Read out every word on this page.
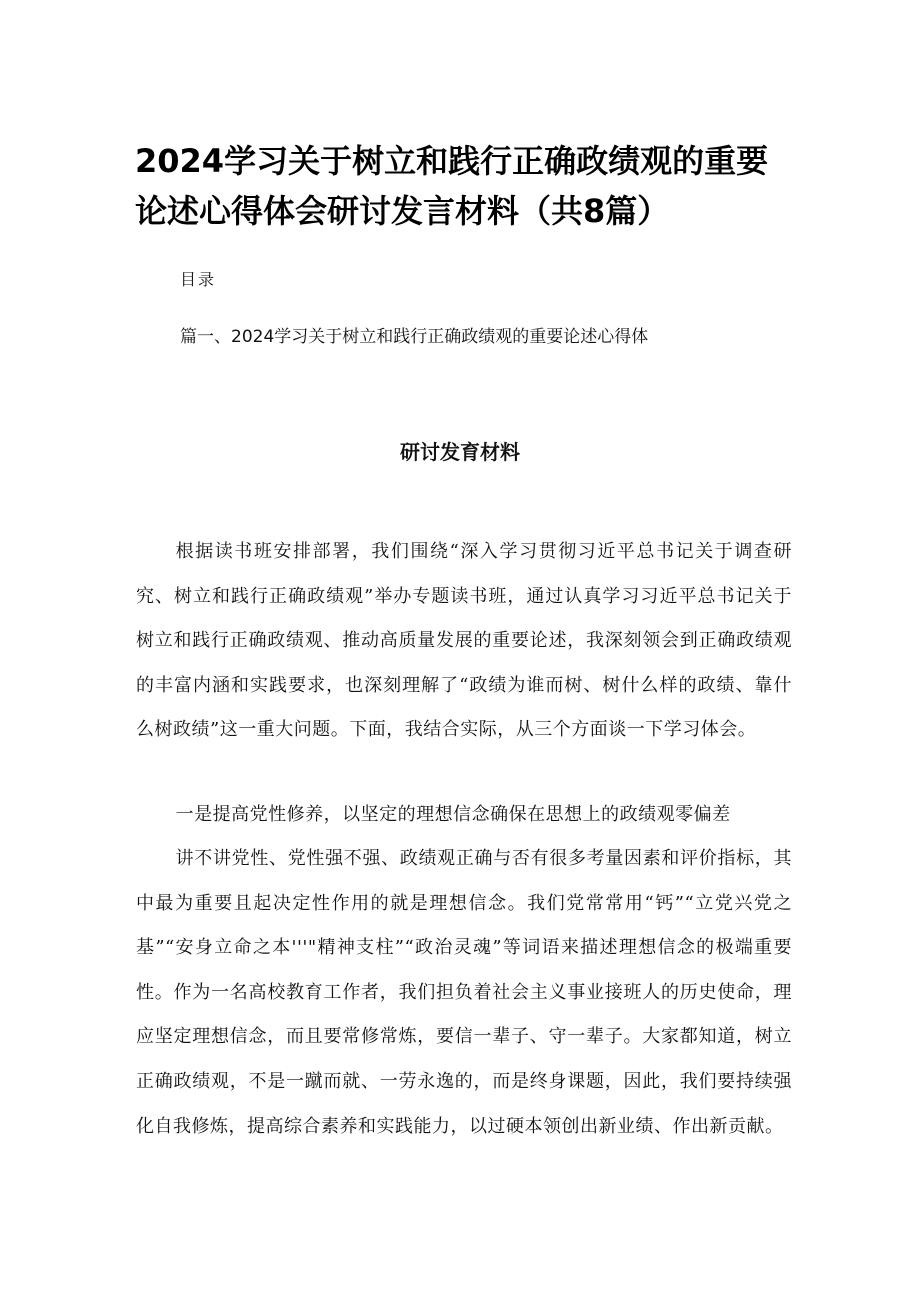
2024学习关于树立和践行正确政绩观的重要论述心得体会研讨发言材料（共8篇）

目录

篇一、2024学习关于树立和践行正确政绩观的重要论述心得体

研讨发育材料

根据读书班安排部署，我们围绕“深入学习贯彻习近平总书记关于调查研究、树立和践行正确政绩观”举办专题读书班，通过认真学习习近平总书记关于树立和践行正确政绩观、推动高质量发展的重要论述，我深刻领会到正确政绩观的丰富内涵和实践要求，也深刻理解了“政绩为谁而树、树什么样的政绩、靠什么树政绩”这一重大问题。下面，我结合实际，从三个方面谈一下学习体会。

一是提高党性修养，以坚定的理想信念确保在思想上的政绩观零偏差

讲不讲党性、党性强不强、政绩观正确与否有很多考量因素和评价指标，其中最为重要且起决定性作用的就是理想信念。我们党常常用“钙”“立党兴党之基”“安身立命之本'''"精神支柱”“政治灵魂”等词语来描述理想信念的极端重要性。作为一名高校教育工作者，我们担负着社会主义事业接班人的历史使命，理应坚定理想信念，而且要常修常炼，要信一辈子、守一辈子。大家都知道，树立正确政绩观，不是一蹴而就、一劳永逸的，而是终身课题，因此，我们要持续强化自我修炼，提高综合素养和实践能力，以过硬本领创出新业绩、作出新贡献。
